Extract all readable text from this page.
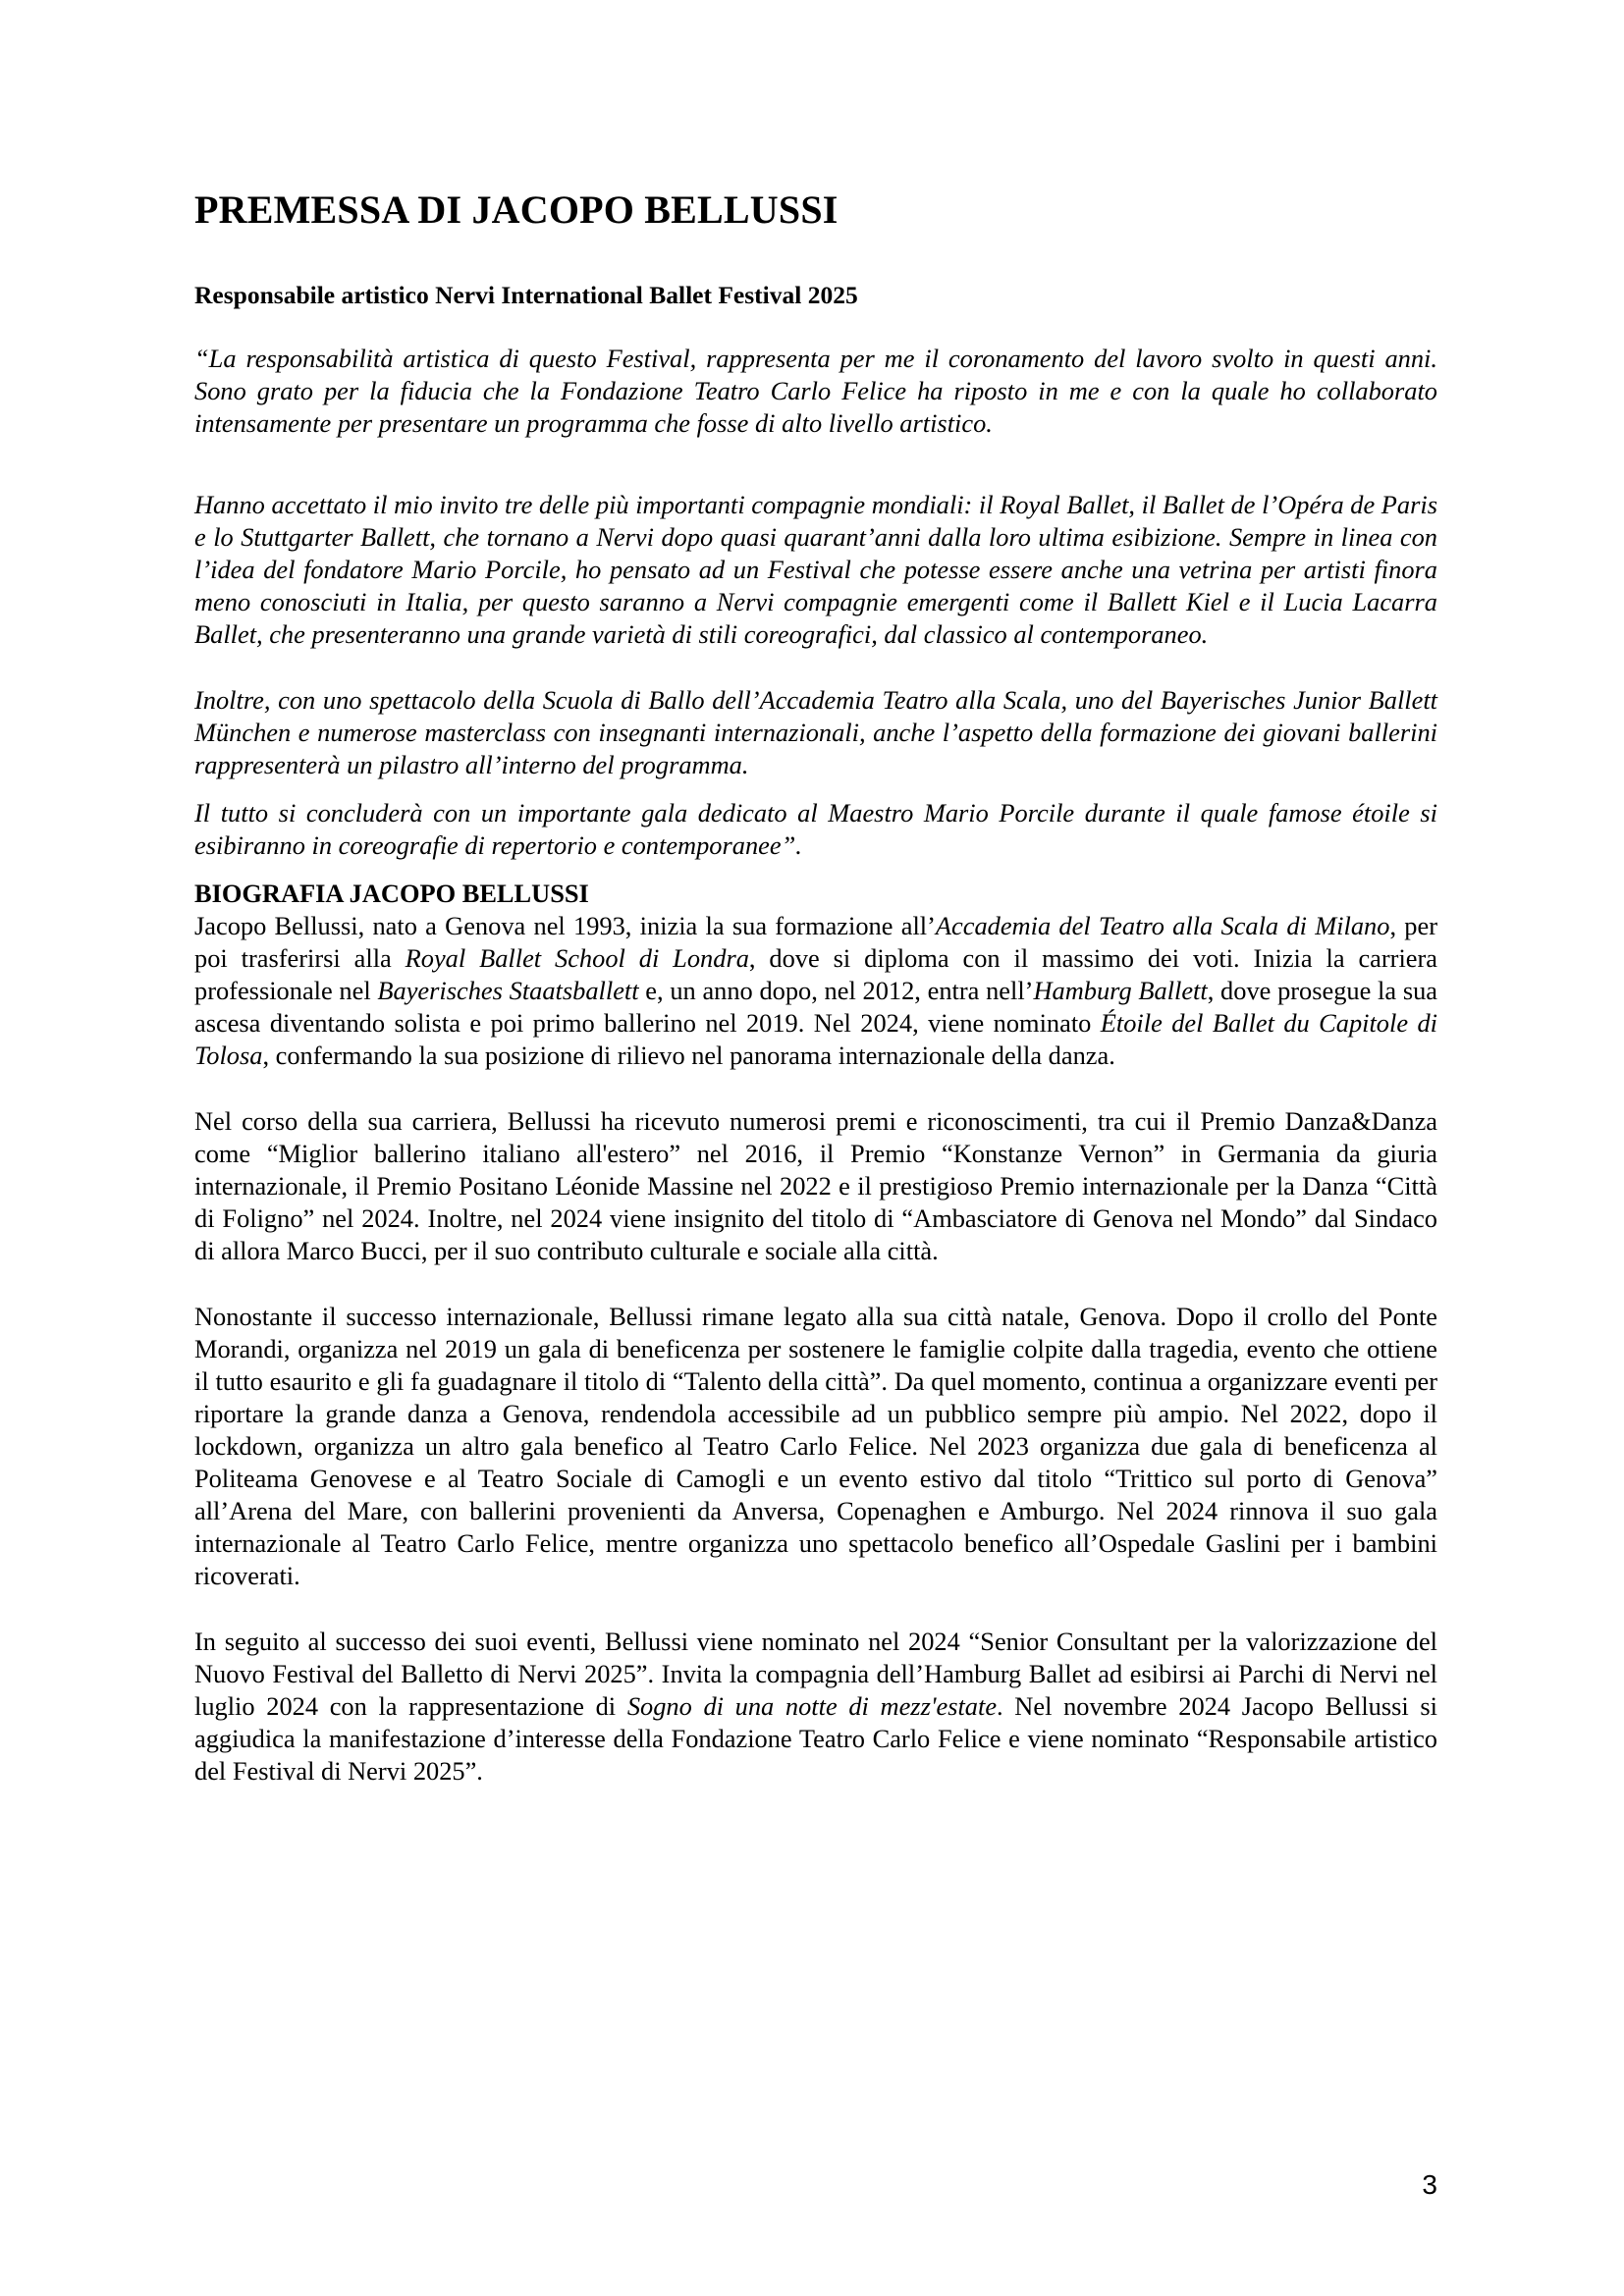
PREMESSA DI JACOPO BELLUSSI
Responsabile artistico Nervi International Ballet Festival 2025

“La responsabilità artistica di questo Festival, rappresenta per me il coronamento del lavoro svolto in questi anni. Sono grato per la fiducia che la Fondazione Teatro Carlo Felice ha riposto in me e con la quale ho collaborato intensamente per presentare un programma che fosse di alto livello artistico.

Hanno accettato il mio invito tre delle più importanti compagnie mondiali: il Royal Ballet, il Ballet de l’Opéra de Paris e lo Stuttgarter Ballett, che tornano a Nervi dopo quasi quarant’anni dalla loro ultima esibizione. Sempre in linea con l’idea del fondatore Mario Porcile, ho pensato ad un Festival che potesse essere anche una vetrina per artisti finora meno conosciuti in Italia, per questo saranno a Nervi compagnie emergenti come il Ballett Kiel e il Lucia Lacarra Ballet, che presenteranno una grande varietà di stili coreografici, dal classico al contemporaneo.

Inoltre, con uno spettacolo della Scuola di Ballo dell’Accademia Teatro alla Scala, uno del Bayerisches Junior Ballett München e numerose masterclass con insegnanti internazionali, anche l’aspetto della formazione dei giovani ballerini rappresenterà un pilastro all’interno del programma.

Il tutto si concluderà con un importante gala dedicato al Maestro Mario Porcile durante il quale famose étoile si esibiranno in coreografie di repertorio e contemporanee”.

BIOGRAFIA JACOPO BELLUSSI

Jacopo Bellussi, nato a Genova nel 1993, inizia la sua formazione all’Accademia del Teatro alla Scala di Milano, per poi trasferirsi alla Royal Ballet School di Londra, dove si diploma con il massimo dei voti. Inizia la carriera professionale nel Bayerisches Staatsballett e, un anno dopo, nel 2012, entra nell’Hamburg Ballett, dove prosegue la sua ascesa diventando solista e poi primo ballerino nel 2019. Nel 2024, viene nominato Étoile del Ballet du Capitole di Tolosa, confermando la sua posizione di rilievo nel panorama internazionale della danza.

Nel corso della sua carriera, Bellussi ha ricevuto numerosi premi e riconoscimenti, tra cui il Premio Danza&Danza come “Miglior ballerino italiano all'estero” nel 2016, il Premio “Konstanze Vernon” in Germania da giuria internazionale, il Premio Positano Léonide Massine nel 2022 e il prestigioso Premio internazionale per la Danza “Città di Foligno” nel 2024. Inoltre, nel 2024 viene insignito del titolo di “Ambasciatore di Genova nel Mondo” dal Sindaco di allora Marco Bucci, per il suo contributo culturale e sociale alla città.

Nonostante il successo internazionale, Bellussi rimane legato alla sua città natale, Genova. Dopo il crollo del Ponte Morandi, organizza nel 2019 un gala di beneficenza per sostenere le famiglie colpite dalla tragedia, evento che ottiene il tutto esaurito e gli fa guadagnare il titolo di “Talento della città”. Da quel momento, continua a organizzare eventi per riportare la grande danza a Genova, rendendola accessibile ad un pubblico sempre più ampio. Nel 2022, dopo il lockdown, organizza un altro gala benefico al Teatro Carlo Felice. Nel 2023 organizza due gala di beneficenza al Politeama Genovese e al Teatro Sociale di Camogli e un evento estivo dal titolo “Trittico sul porto di Genova” all’Arena del Mare, con ballerini provenienti da Anversa, Copenaghen e Amburgo. Nel 2024 rinnova il suo gala internazionale al Teatro Carlo Felice, mentre organizza uno spettacolo benefico all’Ospedale Gaslini per i bambini ricoverati.

In seguito al successo dei suoi eventi, Bellussi viene nominato nel 2024 “Senior Consultant per la valorizzazione del Nuovo Festival del Balletto di Nervi 2025”. Invita la compagnia dell’Hamburg Ballet ad esibirsi ai Parchi di Nervi nel luglio 2024 con la rappresentazione di Sogno di una notte di mezz'estate. Nel novembre 2024 Jacopo Bellussi si aggiudica la manifestazione d’interesse della Fondazione Teatro Carlo Felice e viene nominato “Responsabile artistico del Festival di Nervi 2025”.

3
